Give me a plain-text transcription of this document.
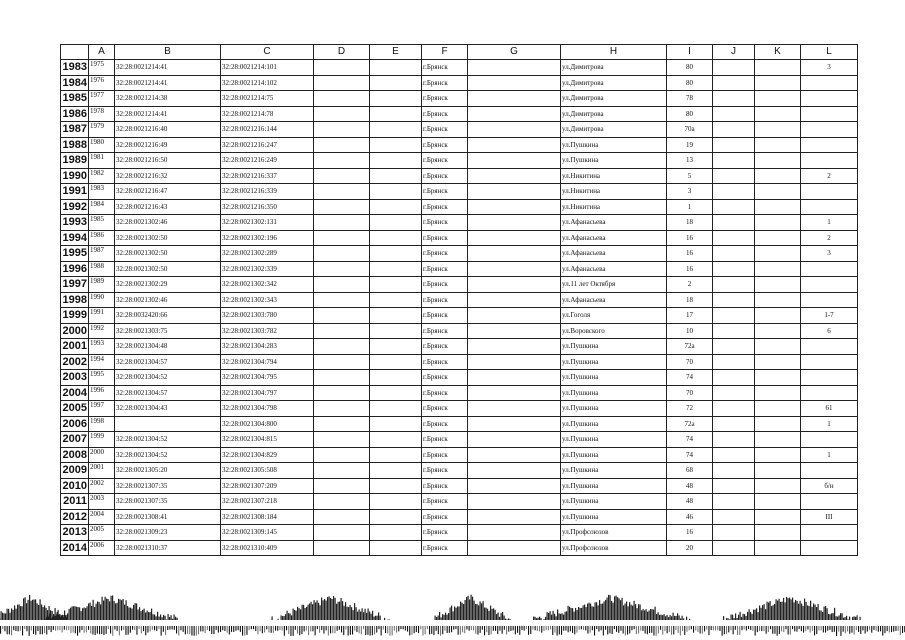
	A	B	C	D	E	F	G	H	I	J	K	L
1983	1975	32:28:0021214:41	32:28:0021214:101			г.Брянск		ул.Димитрова	80			3
1984	1976	32:28:0021214:41	32:28:0021214:102			г.Брянск		ул.Димитрова	80			
1985	1977	32:28:0021214:38	32:28:0021214:75			г.Брянск		ул.Димитрова	78			
1986	1978	32:28:0021214:41	32:28:0021214:78			г.Брянск		ул.Димитрова	80			
1987	1979	32:28:0021216:40	32:28:0021216:144			г.Брянск		ул.Димитрова	70а			
1988	1980	32:28:0021216:49	32:28:0021216:247			г.Брянск		ул.Пушкина	19			
1989	1981	32:28:0021216:50	32:28:0021216:249			г.Брянск		ул.Пушкина	13			
1990	1982	32:28:0021216:32	32:28:0021216:337			г.Брянск		ул.Никитина	5			2
1991	1983	32:28:0021216:47	32:28:0021216:339			г.Брянск		ул.Никитина	3			
1992	1984	32:28:0021216:43	32:28:0021216:350			г.Брянск		ул.Никитина	1			
1993	1985	32:28:0021302:46	32:28:0021302:131			г.Брянск		ул.Афанасьева	18			1
1994	1986	32:28:0021302:50	32:28:0021302:196			г.Брянск		ул.Афанасьева	16			2
1995	1987	32:28:0021302:50	32:28:0021302:289			г.Брянск		ул.Афанасьева	16			3
1996	1988	32:28:0021302:50	32:28:0021302:339			г.Брянск		ул.Афанасьева	16			
1997	1989	32:28:0021302:29	32:28:0021302:342			г.Брянск		ул.11 лет Октября	2			
1998	1990	32:28:0021302:46	32:28:0021302:343			г.Брянск		ул.Афанасьева	18			
1999	1991	32:28:0032420:66	32:28:0021303:780			г.Брянск		ул.Гоголя	17			1-7
2000	1992	32:28:0021303:75	32:28:0021303:782			г.Брянск		ул.Воровского	10			6
2001	1993	32:28:0021304:48	32:28:0021304:283			г.Брянск		ул.Пушкина	72а			
2002	1994	32:28:0021304:57	32:28:0021304:794			г.Брянск		ул.Пушкина	70			
2003	1995	32:28:0021304:52	32:28:0021304:795			г.Брянск		ул.Пушкина	74			
2004	1996	32:28:0021304:57	32:28:0021304:797			г.Брянск		ул.Пушкина	70			
2005	1997	32:28:0021304:43	32:28:0021304:798			г.Брянск		ул.Пушкина	72			61
2006	1998		32:28:0021304:800			г.Брянск		ул.Пушкина	72а			1
2007	1999	32:28:0021304:52	32:28:0021304:815			г.Брянск		ул.Пушкина	74			
2008	2000	32:28:0021304:52	32:28:0021304:829			г.Брянск		ул.Пушкина	74			1
2009	2001	32:28:0021305:20	32:28:0021305:508			г.Брянск		ул.Пушкина	68			
2010	2002	32:28:0021307:35	32:28:0021307:209			г.Брянск		ул.Пушкина	48			б/н
2011	2003	32:28:0021307:35	32:28:0021307:218			г.Брянск		ул.Пушкина	48			
2012	2004	32:28:0021308:41	32:28:0021308:184			г.Брянск		ул.Пушкина	46			III
2013	2005	32:28:0021309:23	32:28:0021309:145			г.Брянск		ул.Профсоюзов	16			
2014	2006	32:28:0021310:37	32:28:0021310:409			г.Брянск		ул.Профсоюзов	20			
